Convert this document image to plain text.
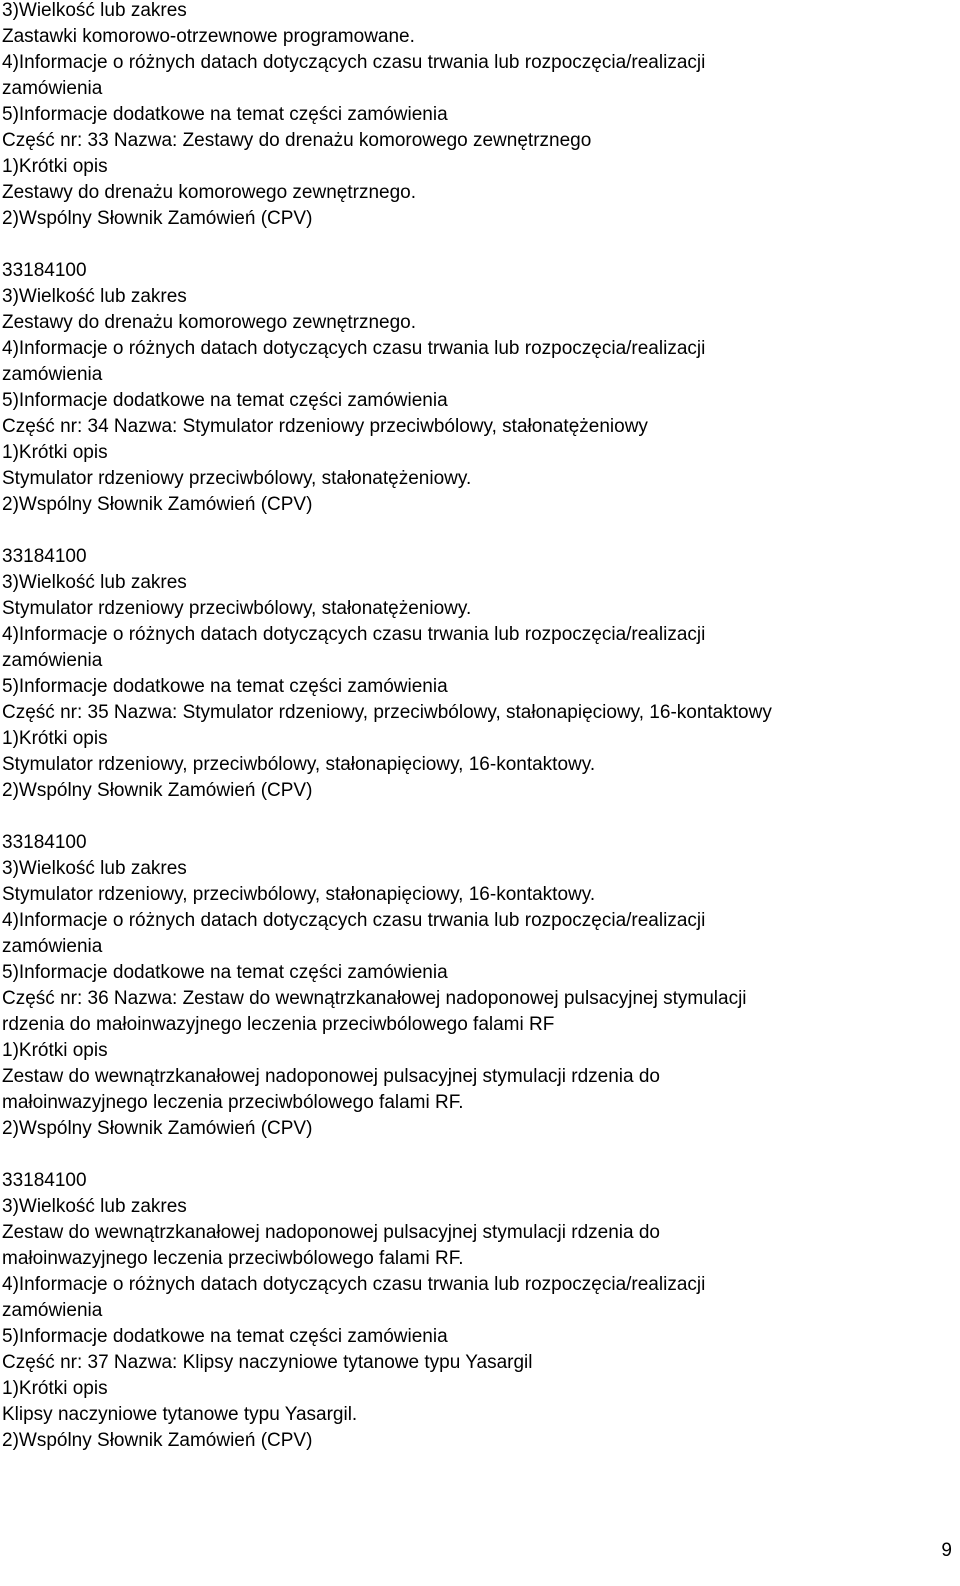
3)Wielkość lub zakres
Zastawki komorowo-otrzewnowe programowane.
4)Informacje o różnych datach dotyczących czasu trwania lub rozpoczęcia/realizacji
zamówienia
5)Informacje dodatkowe na temat części zamówienia
Część nr: 33 Nazwa: Zestawy do drenażu komorowego zewnętrznego
1)Krótki opis
Zestawy do drenażu komorowego zewnętrznego.
2)Wspólny Słownik Zamówień (CPV)
33184100
3)Wielkość lub zakres
Zestawy do drenażu komorowego zewnętrznego.
4)Informacje o różnych datach dotyczących czasu trwania lub rozpoczęcia/realizacji
zamówienia
5)Informacje dodatkowe na temat części zamówienia
Część nr: 34 Nazwa: Stymulator rdzeniowy przeciwbólowy, stałonatężeniowy
1)Krótki opis
Stymulator rdzeniowy przeciwbólowy, stałonatężeniowy.
2)Wspólny Słownik Zamówień (CPV)
33184100
3)Wielkość lub zakres
Stymulator rdzeniowy przeciwbólowy, stałonatężeniowy.
4)Informacje o różnych datach dotyczących czasu trwania lub rozpoczęcia/realizacji
zamówienia
5)Informacje dodatkowe na temat części zamówienia
Część nr: 35 Nazwa: Stymulator rdzeniowy, przeciwbólowy, stałonapięciowy, 16-kontaktowy
1)Krótki opis
Stymulator rdzeniowy, przeciwbólowy, stałonapięciowy, 16-kontaktowy.
2)Wspólny Słownik Zamówień (CPV)
33184100
3)Wielkość lub zakres
Stymulator rdzeniowy, przeciwbólowy, stałonapięciowy, 16-kontaktowy.
4)Informacje o różnych datach dotyczących czasu trwania lub rozpoczęcia/realizacji
zamówienia
5)Informacje dodatkowe na temat części zamówienia
Część nr: 36 Nazwa: Zestaw do wewnątrzkanałowej nadoponowej pulsacyjnej stymulacji
rdzenia do małoinwazyjnego leczenia przeciwbólowego falami RF
1)Krótki opis
Zestaw do wewnątrzkanałowej nadoponowej pulsacyjnej stymulacji rdzenia do
małoinwazyjnego leczenia przeciwbólowego falami RF.
2)Wspólny Słownik Zamówień (CPV)
33184100
3)Wielkość lub zakres
Zestaw do wewnątrzkanałowej nadoponowej pulsacyjnej stymulacji rdzenia do
małoinwazyjnego leczenia przeciwbólowego falami RF.
4)Informacje o różnych datach dotyczących czasu trwania lub rozpoczęcia/realizacji
zamówienia
5)Informacje dodatkowe na temat części zamówienia
Część nr: 37 Nazwa: Klipsy naczyniowe tytanowe typu Yasargil
1)Krótki opis
Klipsy naczyniowe tytanowe typu Yasargil.
2)Wspólny Słownik Zamówień (CPV)
9
